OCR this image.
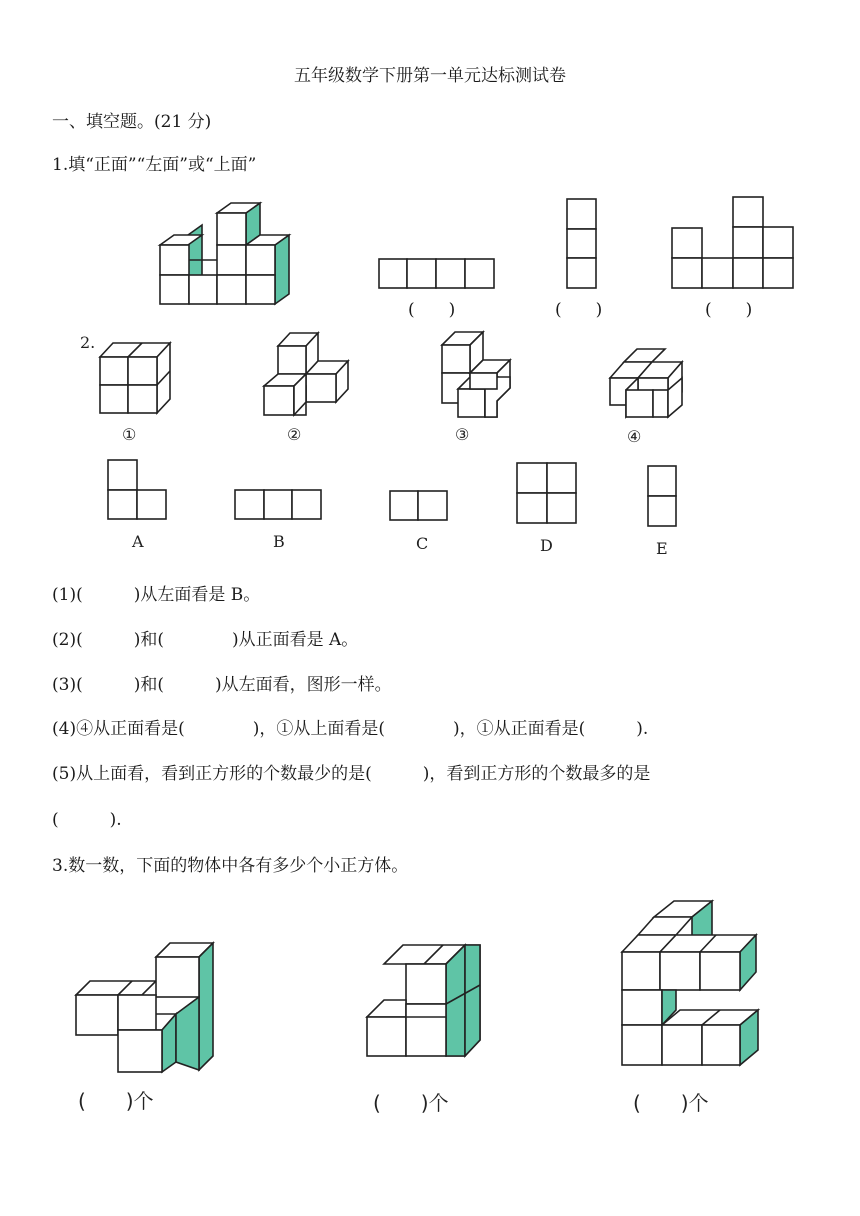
五年级数学下册第一单元达标测试卷
一、填空题。(21 分)
1.填“正面”“左面”或“上面”
2.
①	②	③	④
A	B	C	D	E
(　　)个	(　　)个	(　　)个
(　　)	(　　)	(　　)
(1)(　　　)从左面看是 B。
(2)(　　　)和(　　　　)从正面看是 A。
(3)(　　　)和(　　　)从左面看，图形一样。
(4)④从正面看是(　　　　)，①从上面看是(　　　　)，①从正面看是(　　　).
(5)从上面看，看到正方形的个数最少的是(　　　)，看到正方形的个数最多的是
(　　　).
3.数一数，下面的物体中各有多少个小正方体。
